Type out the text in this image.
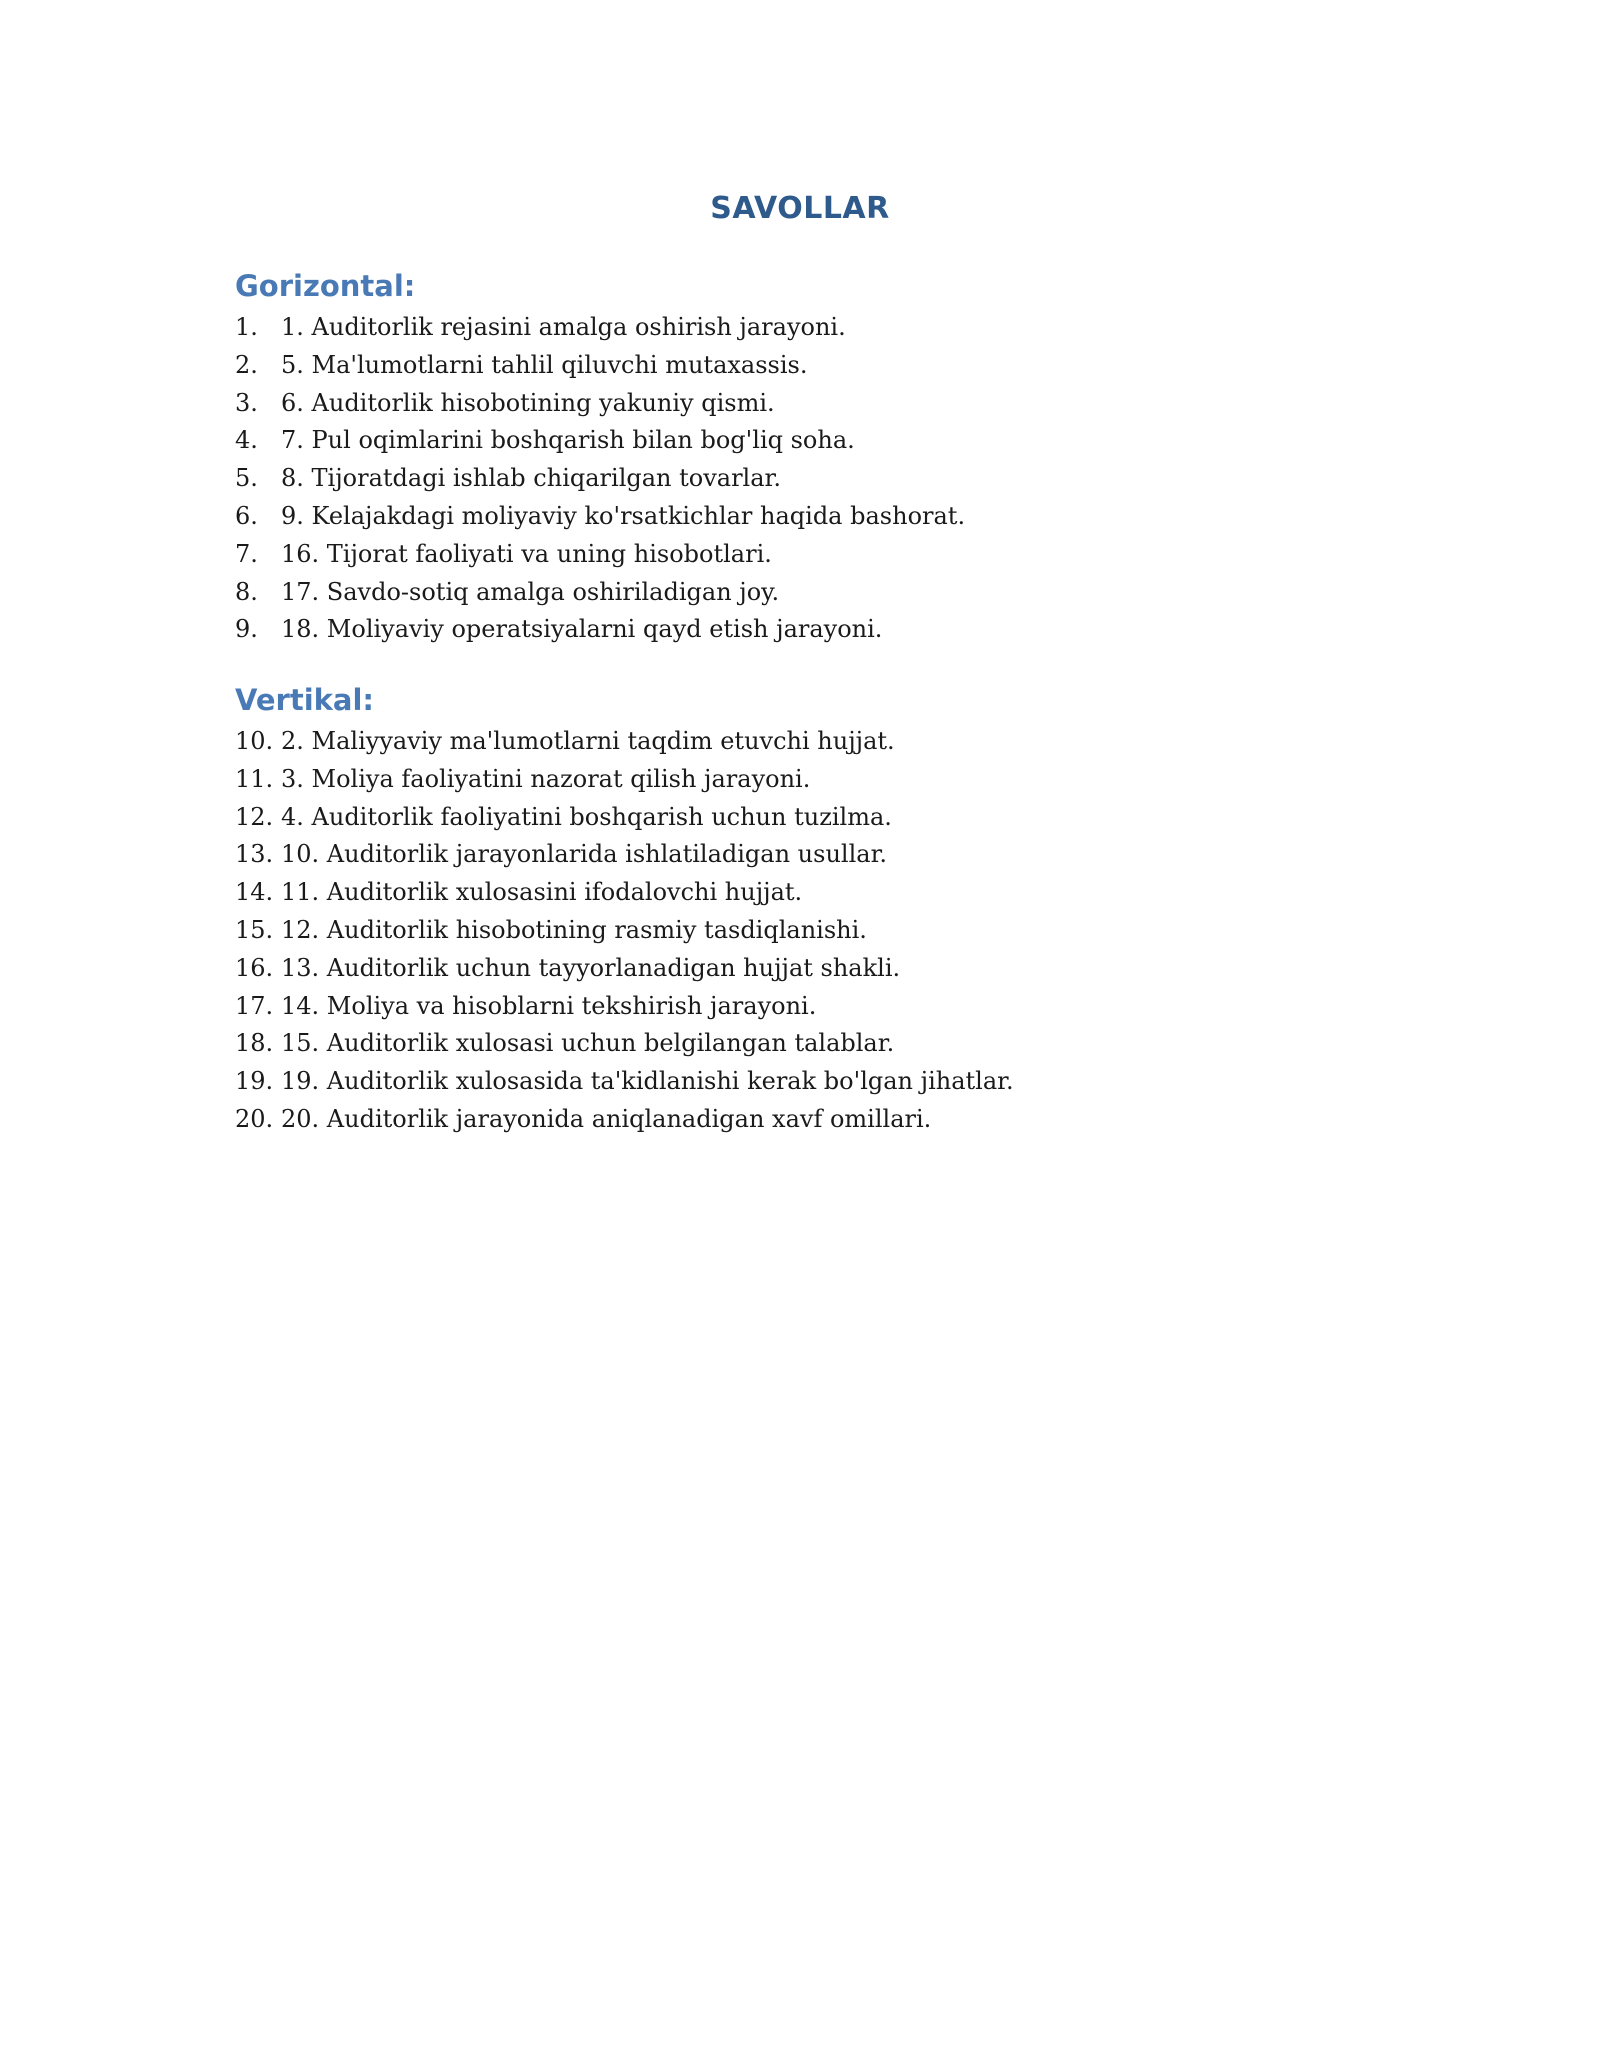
SAVOLLAR
Gorizontal:
1. 1. Auditorlik rejasini amalga oshirish jarayoni.
2. 5. Ma'lumotlarni tahlil qiluvchi mutaxassis.
3. 6. Auditorlik hisobotining yakuniy qismi.
4. 7. Pul oqimlarini boshqarish bilan bog'liq soha.
5. 8. Tijoratdagi ishlab chiqarilgan tovarlar.
6. 9. Kelajakdagi moliyaviy ko'rsatkichlar haqida bashorat.
7. 16. Tijorat faoliyati va uning hisobotlari.
8. 17. Savdo-sotiq amalga oshiriladigan joy.
9. 18. Moliyaviy operatsiyalarni qayd etish jarayoni.
Vertikal:
10. 2. Maliyyaviy ma'lumotlarni taqdim etuvchi hujjat.
11. 3. Moliya faoliyatini nazorat qilish jarayoni.
12. 4. Auditorlik faoliyatini boshqarish uchun tuzilma.
13. 10. Auditorlik jarayonlarida ishlatiladigan usullar.
14. 11. Auditorlik xulosasini ifodalovchi hujjat.
15. 12. Auditorlik hisobotining rasmiy tasdiqlanishi.
16. 13. Auditorlik uchun tayyorlanadigan hujjat shakli.
17. 14. Moliya va hisoblarni tekshirish jarayoni.
18. 15. Auditorlik xulosasi uchun belgilangan talablar.
19. 19. Auditorlik xulosasida ta'kidlanishi kerak bo'lgan jihatlar.
20. 20. Auditorlik jarayonida aniqlanadigan xavf omillari.
